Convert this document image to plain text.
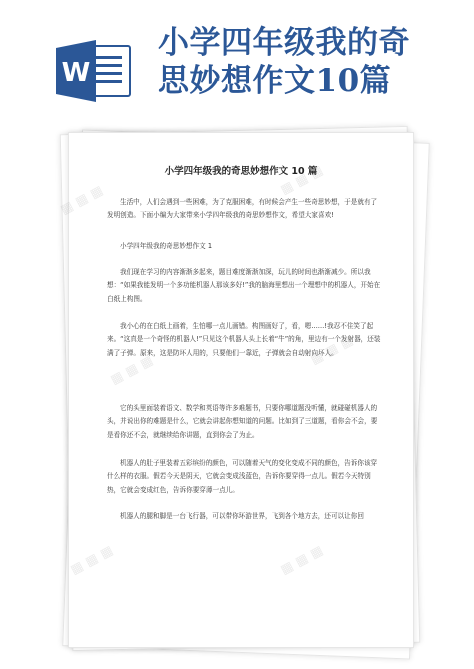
W
小学四年级我的奇
思妙想作文10篇
小学四年级我的奇思妙想作文 10 篇

生活中，人们会遇到一些困难，为了克服困难，有时候会产生一些奇思妙想，于是就有了发明创造。下面小编为大家带来小学四年级我的奇思妙想作文，希望大家喜欢!

小学四年级我的奇思妙想作文 1

我们现在学习的内容渐渐多起来，题目难度渐渐加深，玩儿的时间也渐渐减少。所以我想：“如果我能发明一个多功能机器人那该多好!”我的脑海里想出一个理想中的机器人，开始在白纸上构图。

我小心的在白纸上画着，生怕哪一点儿画错。构图画好了，看，嗯……!我忍不住笑了起来。“这真是一个奇怪的机器人!”只见这个机器人头上长着“牛”的角，里边有一个发射器，还装满了子弹。原来，这是防坏人用的，只要他们一靠近，子弹就会自动射向坏人。

它的头里面装着语文、数学和英语等许多难题书，只要你哪道题没听懂，就碰碰机器人的头，并说出你的难题是什么，它就会讲起你想知道的问题。比如到了三道题，看你会不会，要是看你还不会，就继续给你讲题，直到你会了为止。

机器人的肚子里装着五彩缤纷的颜色，可以随着天气的变化变成不同的颜色，告诉你该穿什么样的衣服。假若今天是阴天，它就会变成浅蓝色，告诉你要穿得一点儿。假若今天特别热，它就会变成红色，告诉你要穿薄一点儿。

机器人的腿和脚是一台飞行器，可以带你环游世界，飞到各个地方去，还可以让你回

▦ ▦ ▦
▦ ▦ ▦
▦ ▦ ▦
▦ ▦ ▦
▦ ▦ ▦	▦ ▦ ▦
